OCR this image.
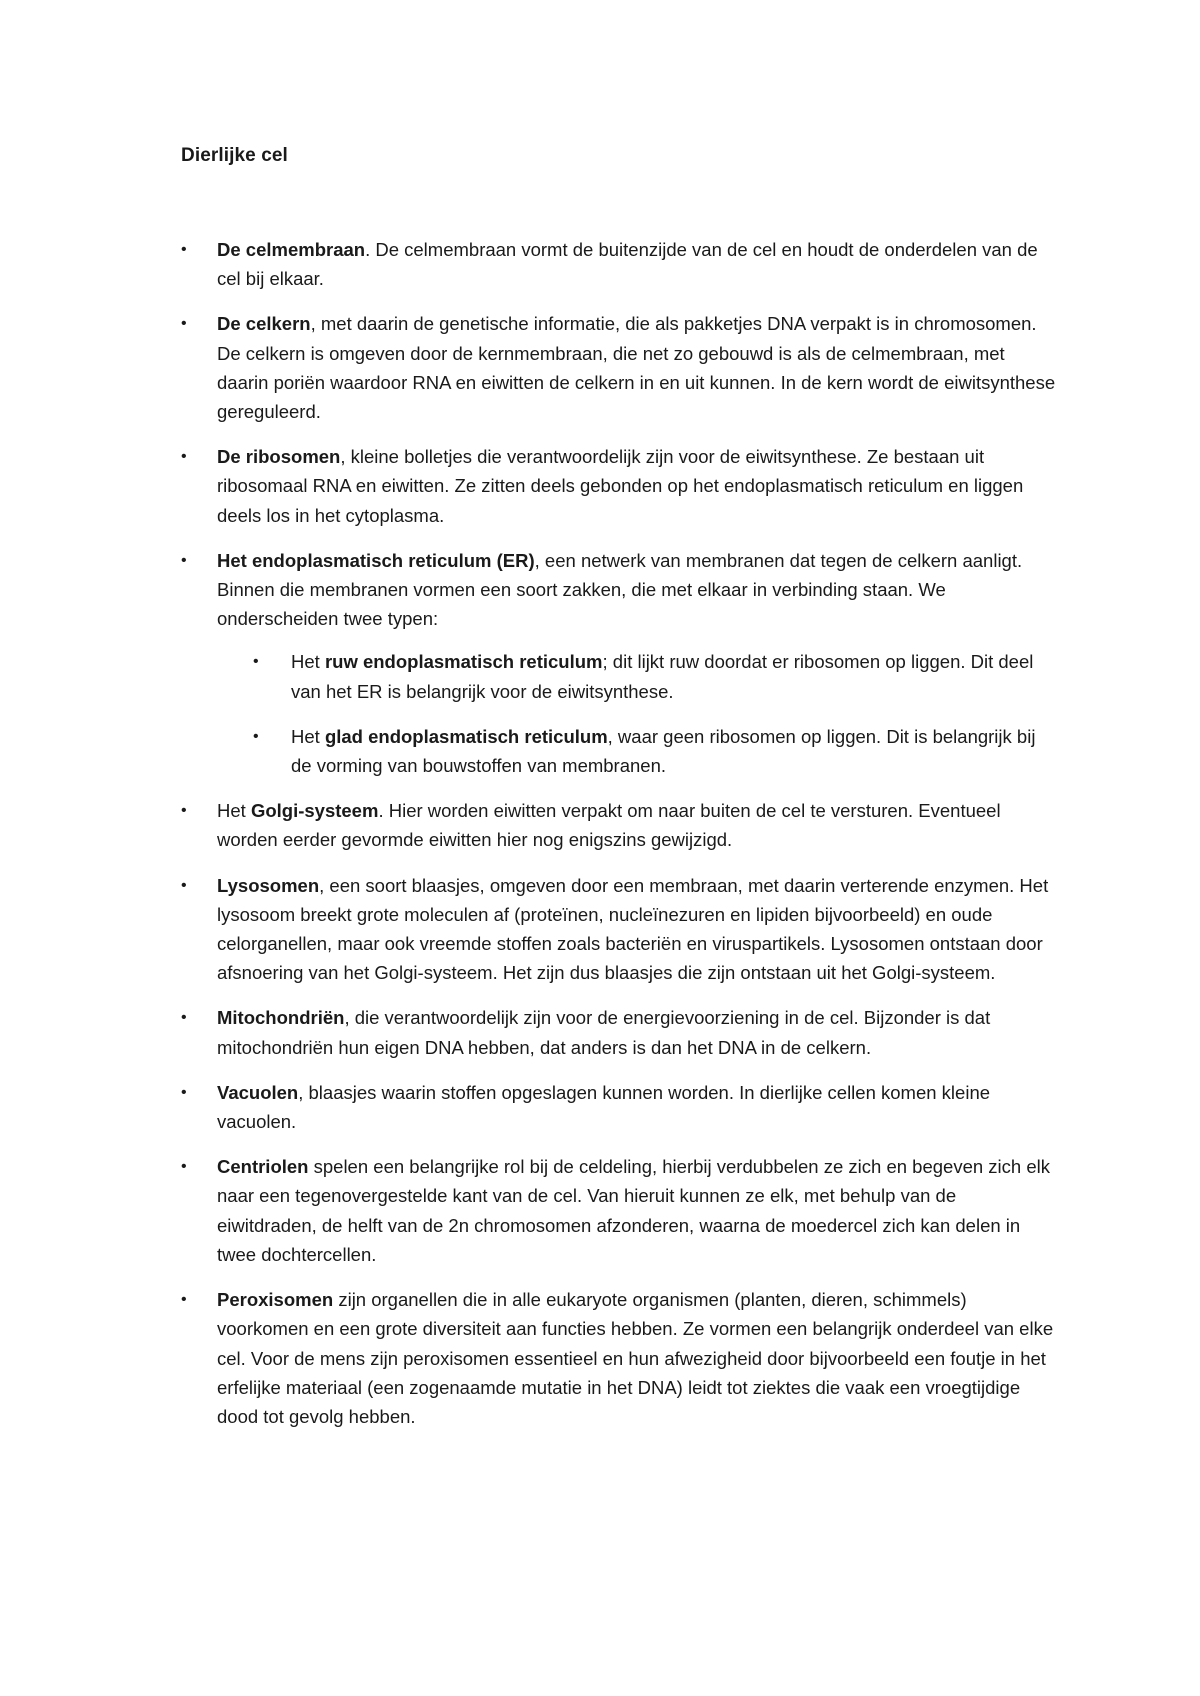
Dierlijke cel
• De celmembraan. De celmembraan vormt de buitenzijde van de cel en houdt de onderdelen van de cel bij elkaar.
• De celkern, met daarin de genetische informatie, die als pakketjes DNA verpakt is in chromosomen. De celkern is omgeven door de kernmembraan, die net zo gebouwd is als de celmembraan, met daarin poriën waardoor RNA en eiwitten de celkern in en uit kunnen. In de kern wordt de eiwitsynthese gereguleerd.
• De ribosomen, kleine bolletjes die verantwoordelijk zijn voor de eiwitsynthese. Ze bestaan uit ribosomaal RNA en eiwitten. Ze zitten deels gebonden op het endoplasmatisch reticulum en liggen deels los in het cytoplasma.
• Het endoplasmatisch reticulum (ER), een netwerk van membranen dat tegen de celkern aanligt. Binnen die membranen vormen een soort zakken, die met elkaar in verbinding staan. We onderscheiden twee typen:
• Het ruw endoplasmatisch reticulum; dit lijkt ruw doordat er ribosomen op liggen. Dit deel van het ER is belangrijk voor de eiwitsynthese.
• Het glad endoplasmatisch reticulum, waar geen ribosomen op liggen. Dit is belangrijk bij de vorming van bouwstoffen van membranen.
• Het Golgi-systeem. Hier worden eiwitten verpakt om naar buiten de cel te versturen. Eventueel worden eerder gevormde eiwitten hier nog enigszins gewijzigd.
• Lysosomen, een soort blaasjes, omgeven door een membraan, met daarin verterende enzymen. Het lysosoom breekt grote moleculen af (proteïnen, nucleïnezuren en lipiden bijvoorbeeld) en oude celorganellen, maar ook vreemde stoffen zoals bacteriën en viruspartikels. Lysosomen ontstaan door afsnoering van het Golgi-systeem. Het zijn dus blaasjes die zijn ontstaan uit het Golgi-systeem.
• Mitochondriën, die verantwoordelijk zijn voor de energievoorziening in de cel. Bijzonder is dat mitochondriën hun eigen DNA hebben, dat anders is dan het DNA in de celkern.
• Vacuolen, blaasjes waarin stoffen opgeslagen kunnen worden. In dierlijke cellen komen kleine vacuolen.
• Centriolen spelen een belangrijke rol bij de celdeling, hierbij verdubbelen ze zich en begeven zich elk naar een tegenovergestelde kant van de cel. Van hieruit kunnen ze elk, met behulp van de eiwitdraden, de helft van de 2n chromosomen afzonderen, waarna de moedercel zich kan delen in twee dochtercellen.
• Peroxisomen zijn organellen die in alle eukaryote organismen (planten, dieren, schimmels) voorkomen en een grote diversiteit aan functies hebben. Ze vormen een belangrijk onderdeel van elke cel. Voor de mens zijn peroxisomen essentieel en hun afwezigheid door bijvoorbeeld een foutje in het erfelijke materiaal (een zogenaamde mutatie in het DNA) leidt tot ziektes die vaak een vroegtijdige dood tot gevolg hebben.
